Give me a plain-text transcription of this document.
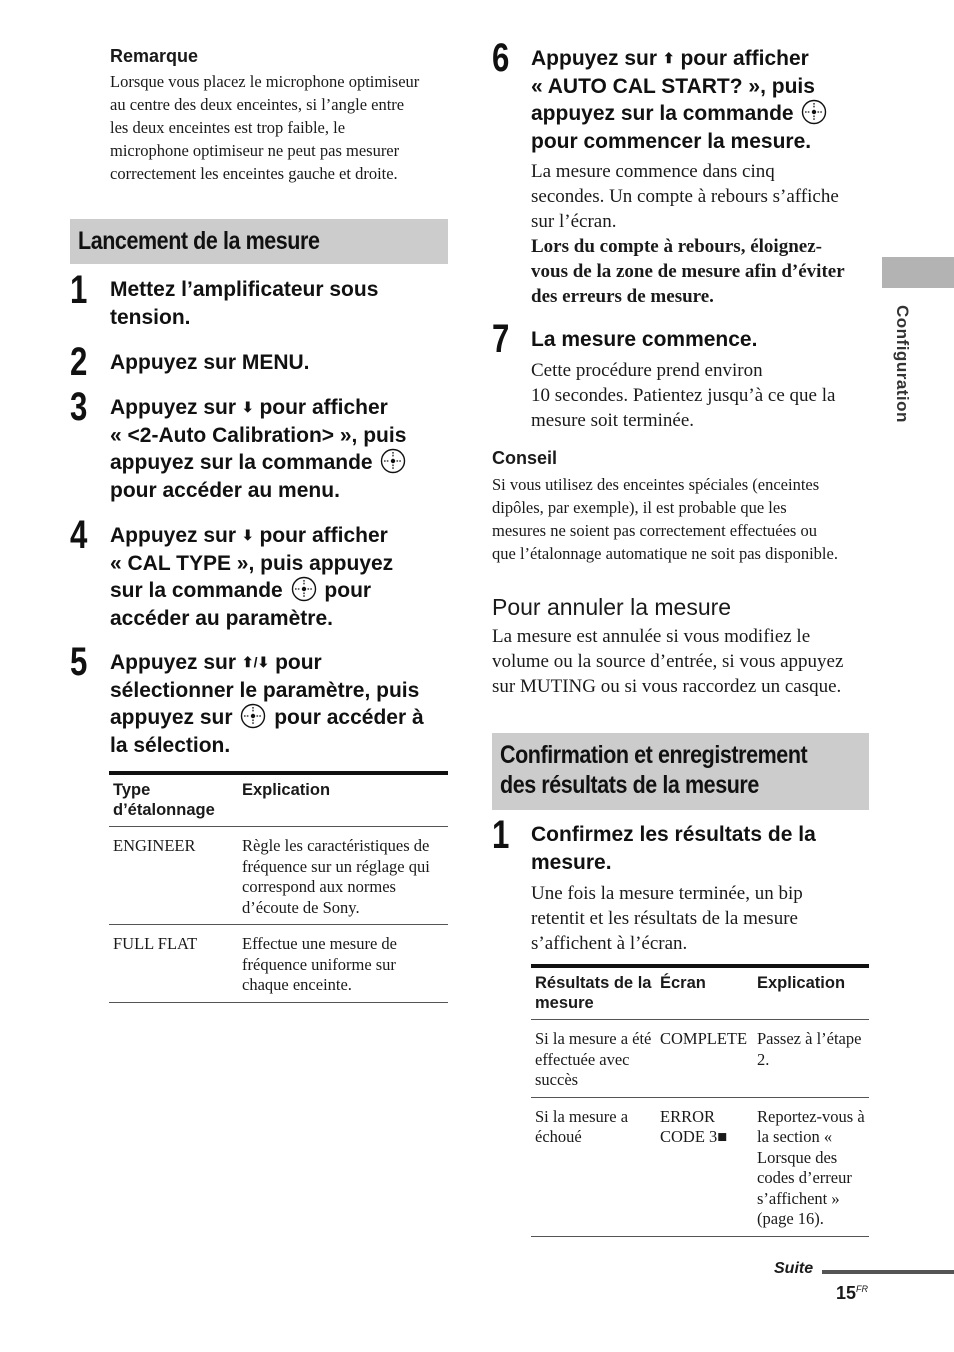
Remarque
Lorsque vous placez le microphone optimiseur
au centre des deux enceintes, si l’angle entre
les deux enceintes est trop faible, le
microphone optimiseur ne peut pas mesurer
correctement les enceintes gauche et droite.
Lancement de la mesure
1 Mettez l’amplificateur sous
tension.
2 Appuyez sur MENU.
3 Appuyez sur ⬇ pour afficher
« <2-Auto Calibration> », puis
appuyez sur la commande
pour accéder au menu.
4 Appuyez sur ⬇ pour afficher
« CAL TYPE », puis appuyez
sur la commande pour
accéder au paramètre.
5 Appuyez sur ⬆/⬇ pour
sélectionner le paramètre, puis
appuyez sur pour accéder à
la sélection.
Type d’étalonnage	Explication
ENGINEER	Règle les caractéristiques de fréquence sur un réglage qui correspond aux normes d’écoute de Sony.
FULL FLAT	Effectue une mesure de fréquence uniforme sur chaque enceinte.
6 Appuyez sur ⬆ pour afficher
« AUTO CAL START? », puis
appuyez sur la commande
pour commencer la mesure.
La mesure commence dans cinq
secondes. Un compte à rebours s’affiche
sur l’écran.
Lors du compte à rebours, éloignez-
vous de la zone de mesure afin d’éviter
des erreurs de mesure.
7 La mesure commence.
Cette procédure prend environ
10 secondes. Patientez jusqu’à ce que la
mesure soit terminée.
Conseil
Si vous utilisez des enceintes spéciales (enceintes
dipôles, par exemple), il est probable que les
mesures ne soient pas correctement effectuées ou
que l’étalonnage automatique ne soit pas disponible.
Pour annuler la mesure
La mesure est annulée si vous modifiez le
volume ou la source d’entrée, si vous appuyez
sur MUTING ou si vous raccordez un casque.
Confirmation et enregistrement
des résultats de la mesure
1 Confirmez les résultats de la
mesure.
Une fois la mesure terminée, un bip
retentit et les résultats de la mesure
s’affichent à l’écran.
Résultats de la mesure	Écran	Explication
Si la mesure a été effectuée avec succès	COMPLETE	Passez à l’étape 2.
Si la mesure a échoué	ERROR CODE 3■	Reportez-vous à la section « Lorsque des codes d’erreur s’affichent » (page 16).
Configuration
Suite
$15^{FR}$
